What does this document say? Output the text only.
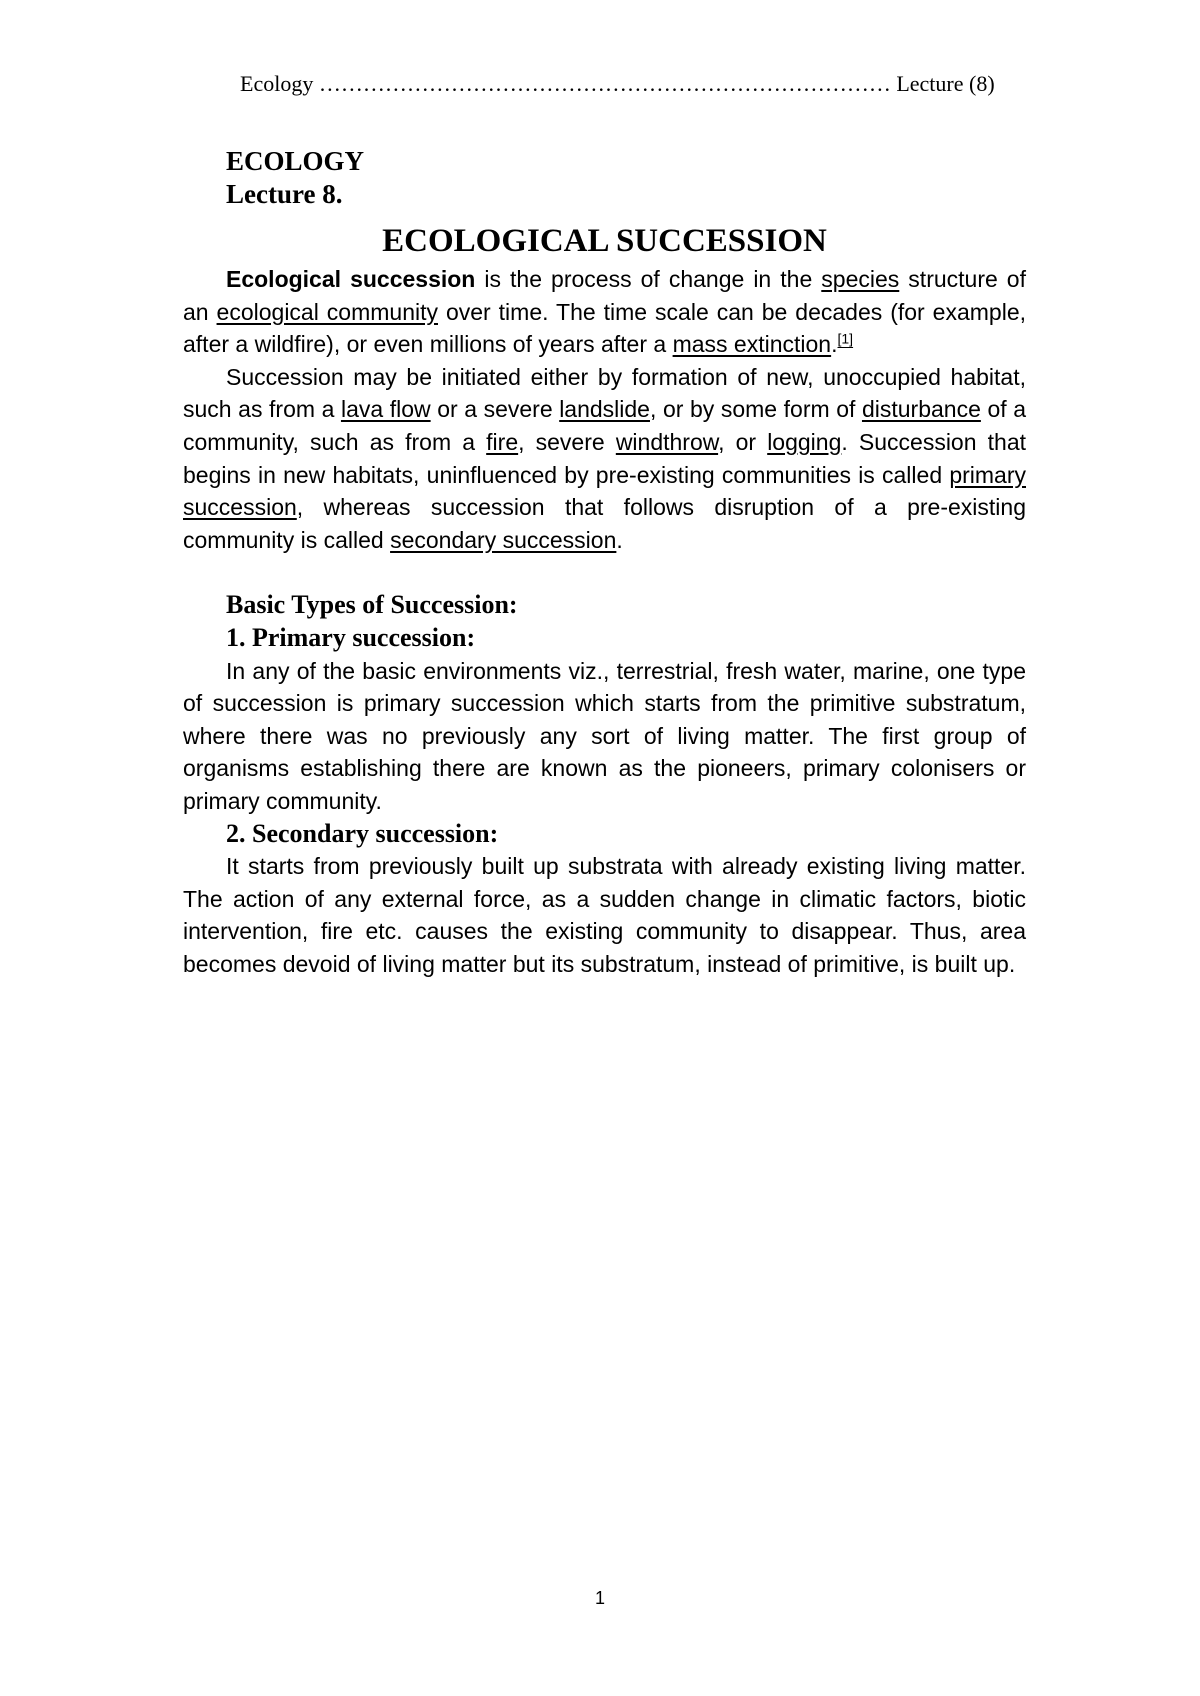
Ecology …………………………………………………………………… Lecture (8)
ECOLOGY
Lecture 8.
ECOLOGICAL SUCCESSION

Ecological succession is the process of change in the species structure of an ecological community over time. The time scale can be decades (for example, after a wildfire), or even millions of years after a mass extinction.[1]

Succession may be initiated either by formation of new, unoccupied habitat, such as from a lava flow or a severe landslide, or by some form of disturbance of a community, such as from a fire, severe windthrow, or logging. Succession that begins in new habitats, uninfluenced by pre-existing communities is called primary succession, whereas succession that follows disruption of a pre-existing community is called secondary succession.

Basic Types of Succession:
1. Primary succession:

In any of the basic environments viz., terrestrial, fresh water, marine, one type of succession is primary succession which starts from the primitive substratum, where there was no previously any sort of living matter. The first group of organisms establishing there are known as the pioneers, primary colonisers or primary community.

2. Secondary succession:

It starts from previously built up substrata with already existing living matter. The action of any external force, as a sudden change in climatic factors, biotic intervention, fire etc. causes the existing community to disappear. Thus, area becomes devoid of living matter but its substratum, instead of primitive, is built up.

1
